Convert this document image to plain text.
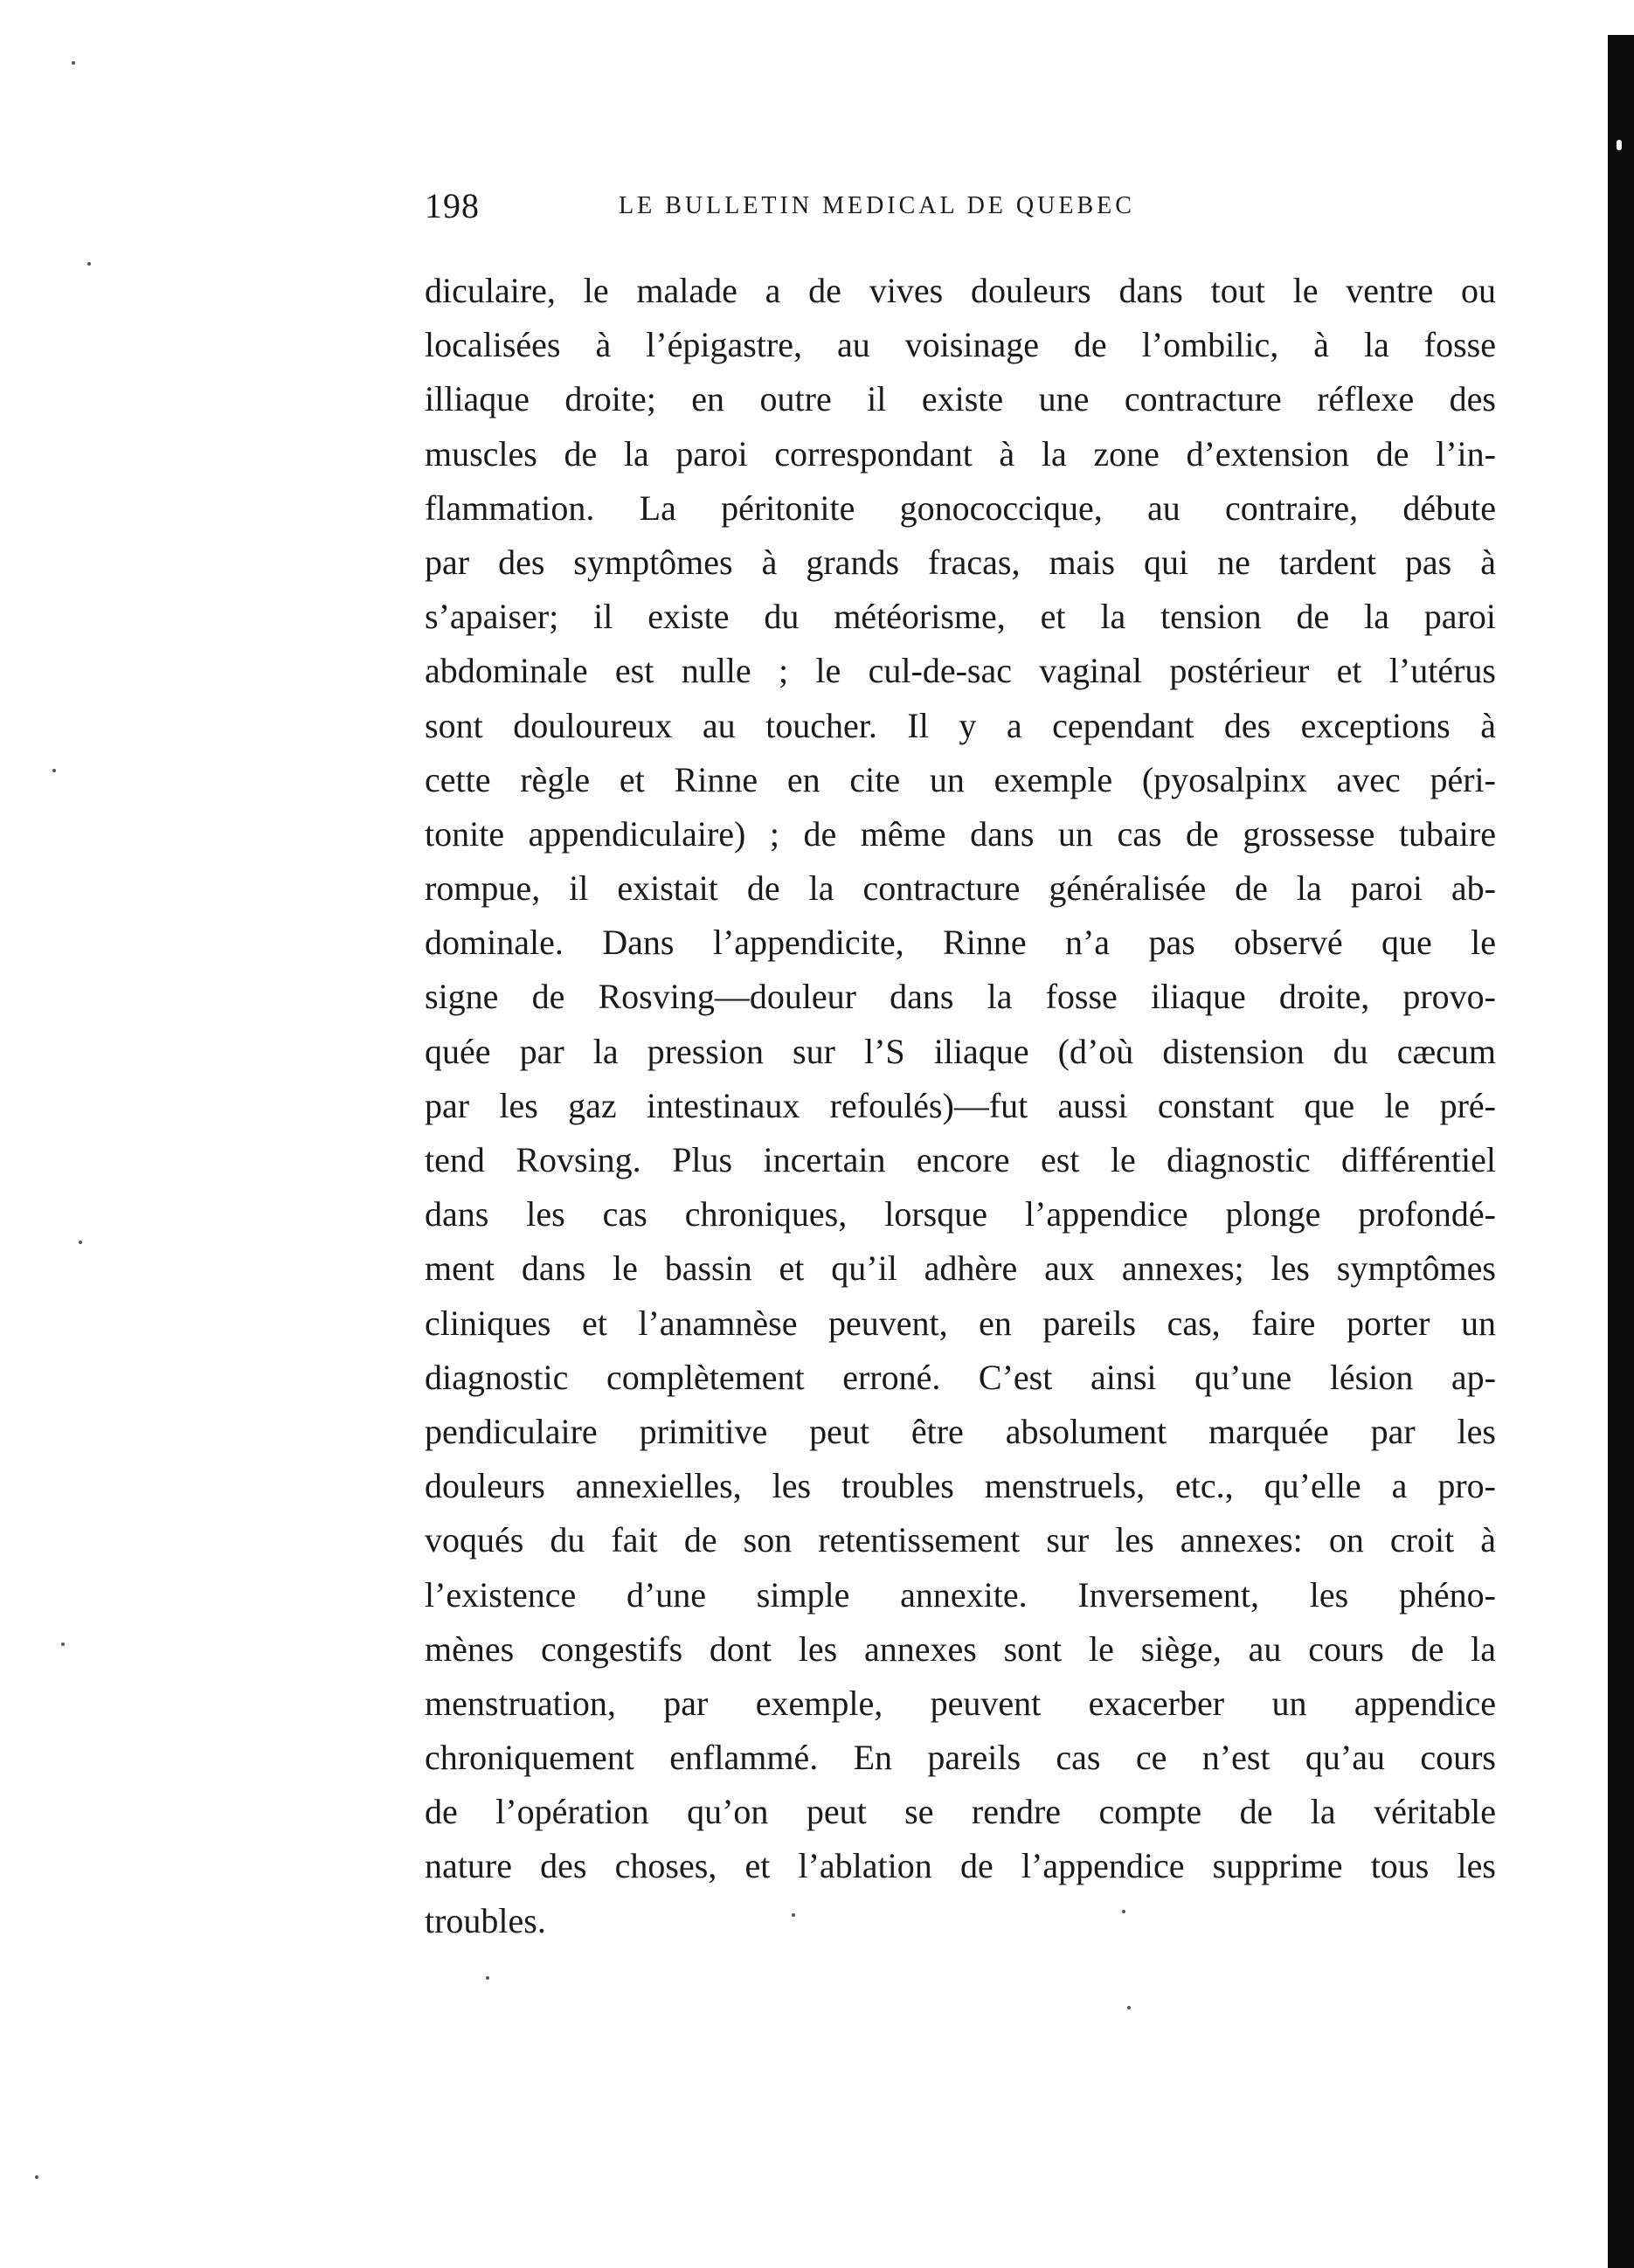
198	LE BULLETIN MEDICAL DE QUEBEC
diculaire, le malade a de vives douleurs dans tout le ventre ou
localisées à l’épigastre, au voisinage de l’ombilic, à la fosse
illiaque droite; en outre il existe une contracture réflexe des
muscles de la paroi correspondant à la zone d’extension de l’in-
flammation. La péritonite gonococcique, au contraire, débute
par des symptômes à grands fracas, mais qui ne tardent pas à
s’apaiser; il existe du météorisme, et la tension de la paroi
abdominale est nulle ; le cul-de-sac vaginal postérieur et l’utérus
sont douloureux au toucher. Il y a cependant des exceptions à
cette règle et Rinne en cite un exemple (pyosalpinx avec péri-
tonite appendiculaire) ; de même dans un cas de grossesse tubaire
rompue, il existait de la contracture généralisée de la paroi ab-
dominale. Dans l’appendicite, Rinne n’a pas observé que le
signe de Rosving—douleur dans la fosse iliaque droite, provo-
quée par la pression sur l’S iliaque (d’où distension du cæcum
par les gaz intestinaux refoulés)—fut aussi constant que le pré-
tend Rovsing. Plus incertain encore est le diagnostic différentiel
dans les cas chroniques, lorsque l’appendice plonge profondé-
ment dans le bassin et qu’il adhère aux annexes; les symptômes
cliniques et l’anamnèse peuvent, en pareils cas, faire porter un
diagnostic complètement erroné. C’est ainsi qu’une lésion ap-
pendiculaire primitive peut être absolument marquée par les
douleurs annexielles, les troubles menstruels, etc., qu’elle a pro-
voqués du fait de son retentissement sur les annexes: on croit à
l’existence d’une simple annexite. Inversement, les phéno-
mènes congestifs dont les annexes sont le siège, au cours de la
menstruation, par exemple, peuvent exacerber un appendice
chroniquement enflammé. En pareils cas ce n’est qu’au cours
de l’opération qu’on peut se rendre compte de la véritable
nature des choses, et l’ablation de l’appendice supprime tous les
troubles.
